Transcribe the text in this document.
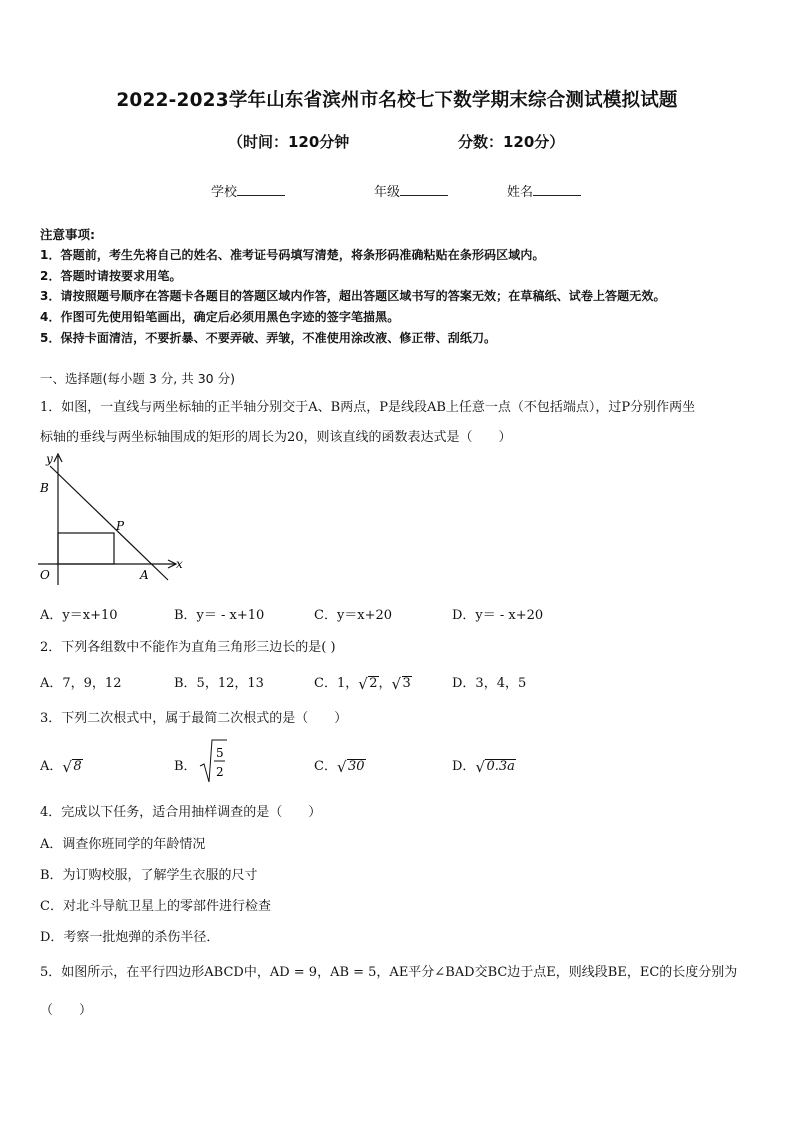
2022-2023学年山东省滨州市名校七下数学期末综合测试模拟试题
（时间：120分钟	分数：120分）
学校	年级	姓名
注意事项:
1．答题前，考生先将自己的姓名、准考证号码填写清楚，将条形码准确粘贴在条形码区域内。
2．答题时请按要求用笔。
3．请按照题号顺序在答题卡各题目的答题区域内作答，超出答题区域书写的答案无效；在草稿纸、试卷上答题无效。
4．作图可先使用铅笔画出，确定后必须用黑色字迹的签字笔描黑。
5．保持卡面清洁，不要折暴、不要弄破、弄皱，不准使用涂改液、修正带、刮纸刀。
一、选择题(每小题 3 分, 共 30 分)
1．如图，一直线与两坐标轴的正半轴分别交于A、B两点，P是线段AB上任意一点（不包括端点），过P分别作两坐
标轴的垂线与两坐标轴围成的矩形的周长为20，则该直线的函数表达式是（　　）
y
B
P
O	A
x
A．y＝x+10	B．y＝ - x+10	C．y＝x+20	D．y＝ - x+20
2．下列各组数中不能作为直角三角形三边长的是( )
A．7，9，12	B．5，12，13	C．1， √ 2， √ 3	D．3，4，5
3．下列二次根式中，属于最简二次根式的是（　　）
A． √ 8	B．
5
2	C． √ 30	D． √ 0.3a
4．完成以下任务，适合用抽样调查的是（　　）
A．调查你班同学的年龄情况
B．为订购校服，了解学生衣服的尺寸
C．对北斗导航卫星上的零部件进行检查
D．考察一批炮弹的杀伤半径．
5．如图所示，在平行四边形ABCD中，AD = 9，AB = 5，AE平分∠BAD交BC边于点E，则线段BE，EC的长度分别为
（　　）
